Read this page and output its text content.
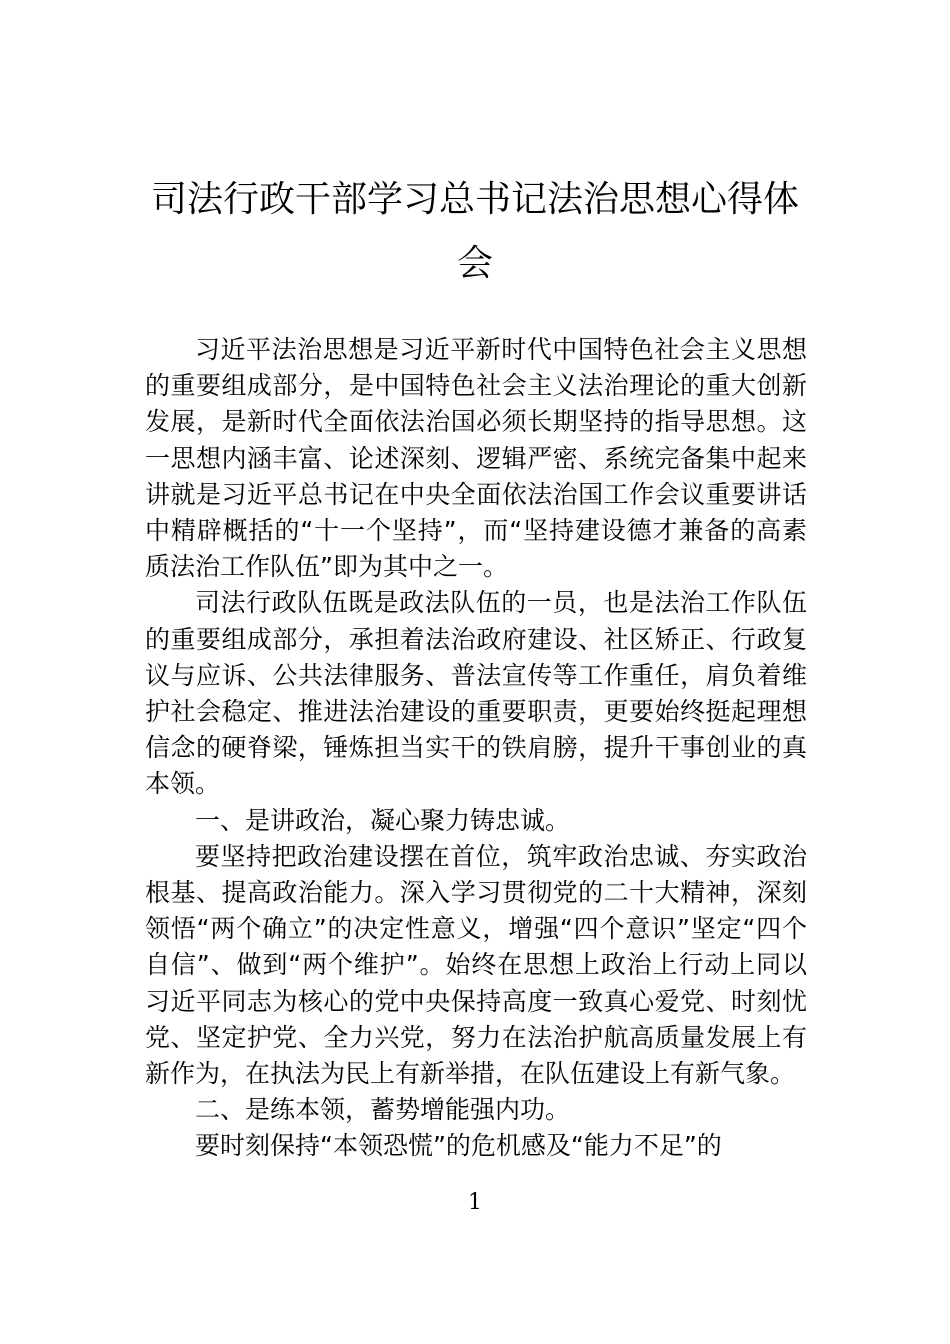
司法行政干部学习总书记法治思想心得体会

习近平法治思想是习近平新时代中国特色社会主义思想的重要组成部分，是中国特色社会主义法治理论的重大创新发展，是新时代全面依法治国必须长期坚持的指导思想。这一思想内涵丰富、论述深刻、逻辑严密、系统完备集中起来讲就是习近平总书记在中央全面依法治国工作会议重要讲话中精辟概括的“十一个坚持”，而“坚持建设德才兼备的高素质法治工作队伍”即为其中之一。

司法行政队伍既是政法队伍的一员，也是法治工作队伍的重要组成部分，承担着法治政府建设、社区矫正、行政复议与应诉、公共法律服务、普法宣传等工作重任，肩负着维护社会稳定、推进法治建设的重要职责，更要始终挺起理想信念的硬脊梁，锤炼担当实干的铁肩膀，提升干事创业的真本领。

一、是讲政治，凝心聚力铸忠诚。

要坚持把政治建设摆在首位，筑牢政治忠诚、夯实政治根基、提高政治能力。深入学习贯彻党的二十大精神，深刻领悟“两个确立”的决定性意义，增强“四个意识”坚定“四个自信”、做到“两个维护”。始终在思想上政治上行动上同以习近平同志为核心的党中央保持高度一致真心爱党、时刻忧党、坚定护党、全力兴党，努力在法治护航高质量发展上有新作为，在执法为民上有新举措，在队伍建设上有新气象。

二、是练本领，蓄势增能强内功。

要时刻保持“本领恐慌”的危机感及“能力不足”的

1
